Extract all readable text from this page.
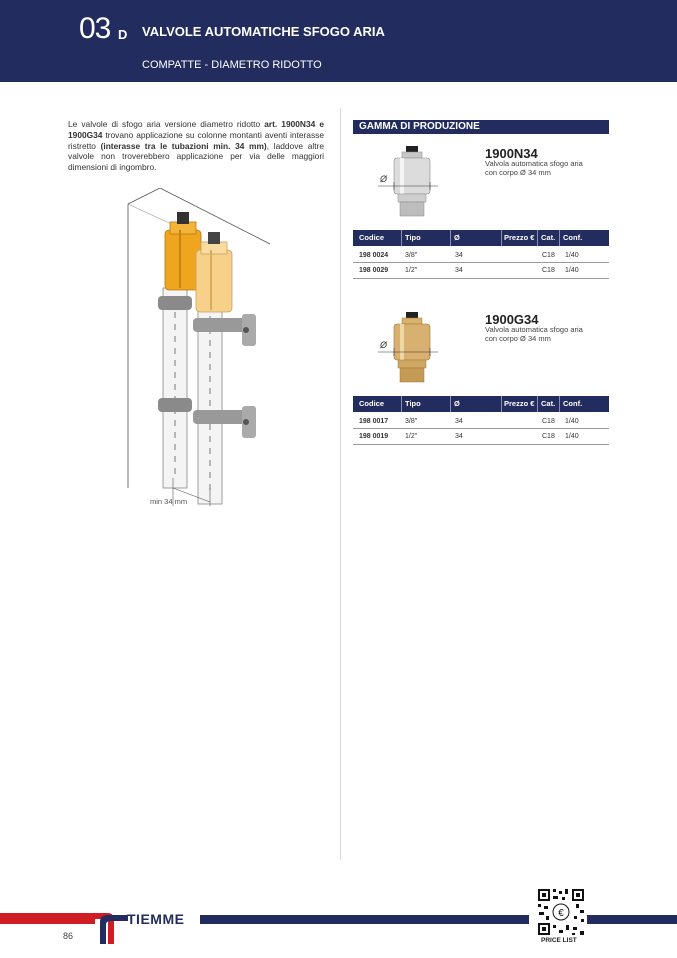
03 D VALVOLE AUTOMATICHE SFOGO ARIA
COMPATTE - DIAMETRO RIDOTTO
Le valvole di sfogo aria versione diametro ridotto art. 1900N34 e 1900G34 trovano applicazione su colonne montanti aventi interasse ristretto (interasse tra le tubazioni min. 34 mm), laddove altre valvole non troverebbero applicazione per via delle maggiori dimensioni di ingombro.
min 34 mm
GAMMA DI PRODUZIONE
Ø
1900N34
Valvola automatica sfogo aria
con corpo Ø 34 mm
Codice	Tipo	Ø	Prezzo € Cat. Conf.
198 0024 3/8"	34	C18 1/40
198 0029 1/2"	34	C18 1/40
Ø
1900G34
Valvola automatica sfogo aria
con corpo Ø 34 mm
Codice	Tipo	Ø	Prezzo € Cat. Conf.
198 0017 3/8"	34	C18 1/40
198 0019 1/2"	34	C18 1/40
TIEMME
86
€
PRICE LIST
